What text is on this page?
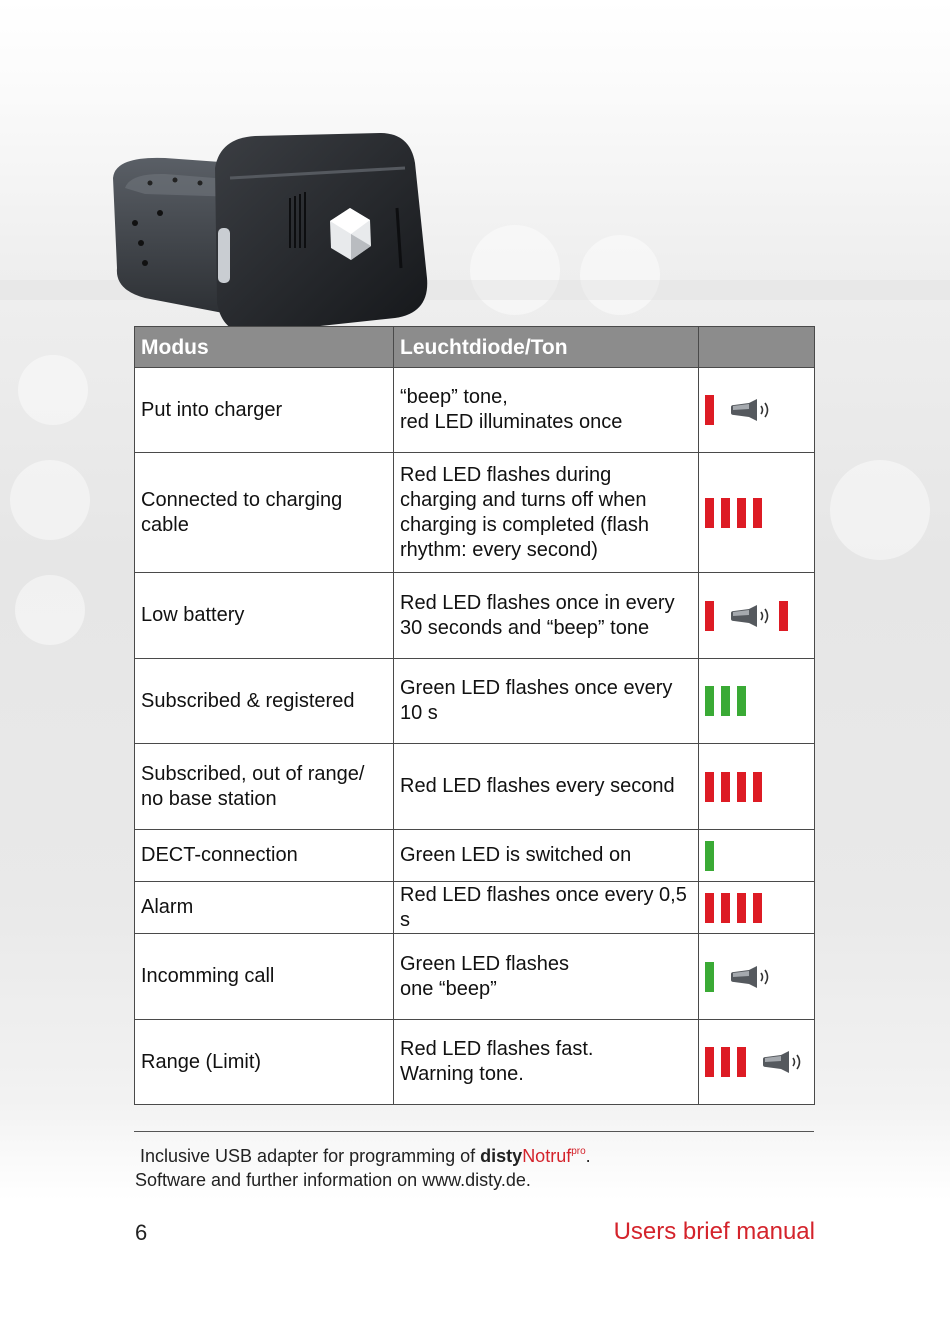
Modus	Leuchtdiode/Ton	
Put into charger	“beep” tone,
red LED illuminates once	

Connected to charging cable	Red LED flashes during charging and turns off when charging is completed (flash rhythm: every second)	

Low battery	Red LED flashes once in every 30 seconds and “beep” tone	

Subscribed & registered	Green LED flashes once every 10 s	

Subscribed, out of range/ no base station	Red LED flashes every second	

DECT-connection	Green LED is switched on	

Alarm	Red LED flashes once every 0,5 s	

Incomming call	Green LED flashes
one “beep”	

Range (Limit)	Red LED flashes fast.
Warning tone.	
Inclusive USB adapter for programming of distyNotruf$^{pro}$.
Software and further information on www.disty.de.
6	Users brief manual
